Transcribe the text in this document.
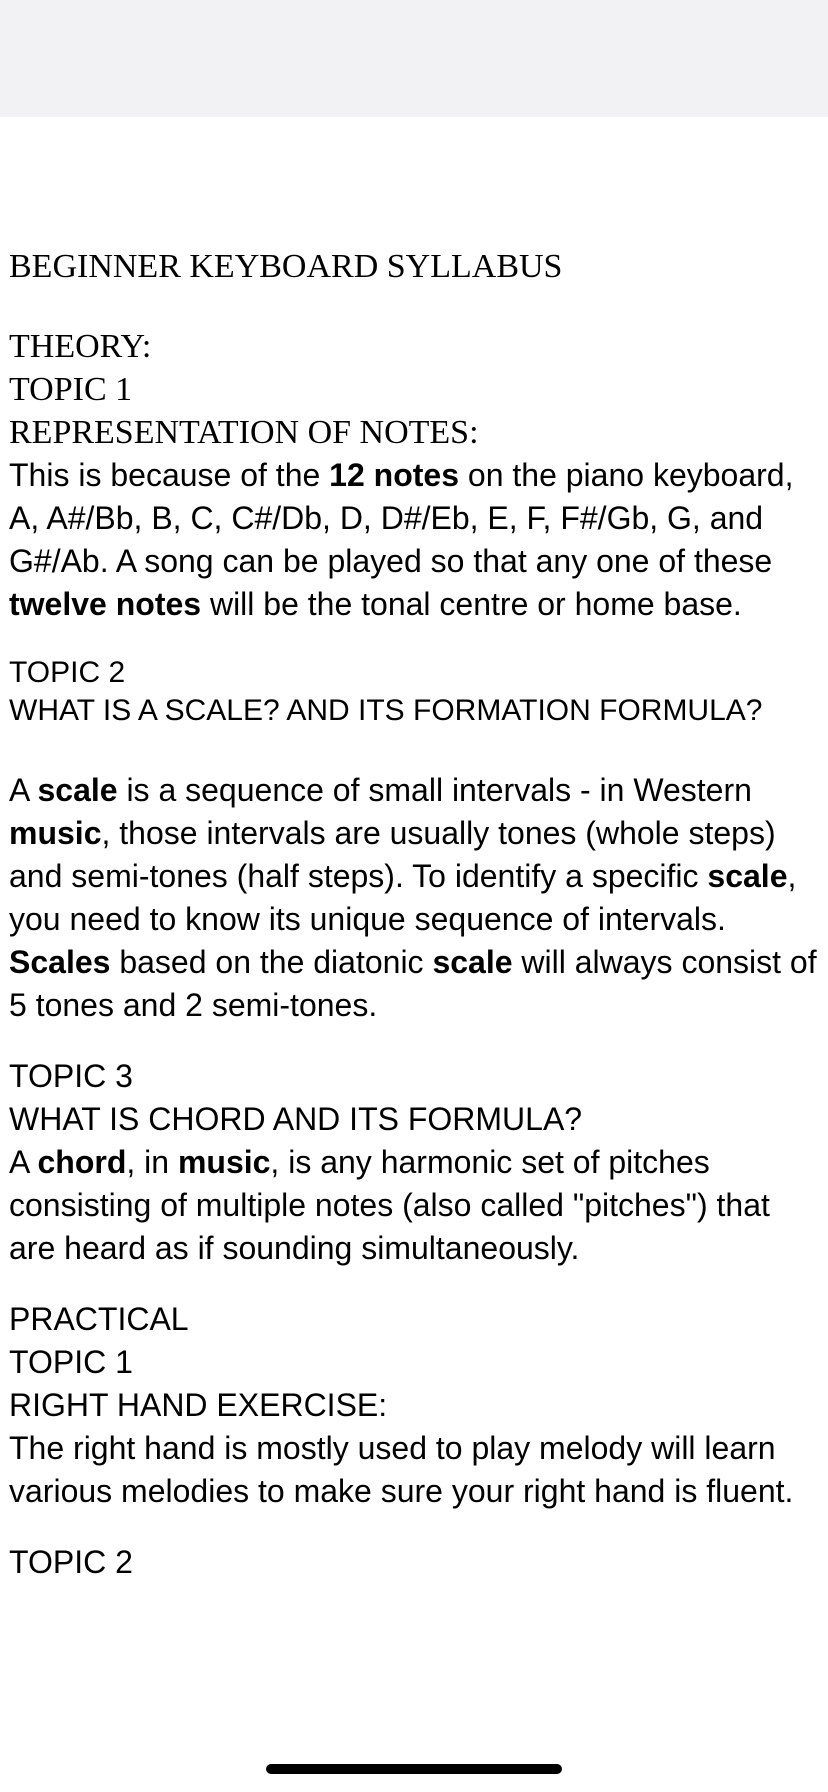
BEGINNER KEYBOARD SYLLABUS

THEORY:

TOPIC 1

REPRESENTATION OF NOTES:

This is because of the 12 notes on the piano keyboard, A, A#/Bb, B, C, C#/Db, D, D#/Eb, E, F, F#/Gb, G, and G#/Ab. A song can be played so that any one of these twelve notes will be the tonal centre or home base.

TOPIC 2

WHAT IS A SCALE? AND ITS FORMATION FORMULA?

A scale is a sequence of small intervals - in Western music, those intervals are usually tones (whole steps) and semi-tones (half steps). To identify a specific scale, you need to know its unique sequence of intervals. Scales based on the diatonic scale will always consist of 5 tones and 2 semi-tones.

TOPIC 3

WHAT IS CHORD AND ITS FORMULA?

A chord, in music, is any harmonic set of pitches consisting of multiple notes (also called "pitches") that are heard as if sounding simultaneously.

PRACTICAL

TOPIC 1

RIGHT HAND EXERCISE:

The right hand is mostly used to play melody will learn various melodies to make sure your right hand is fluent.

TOPIC 2
